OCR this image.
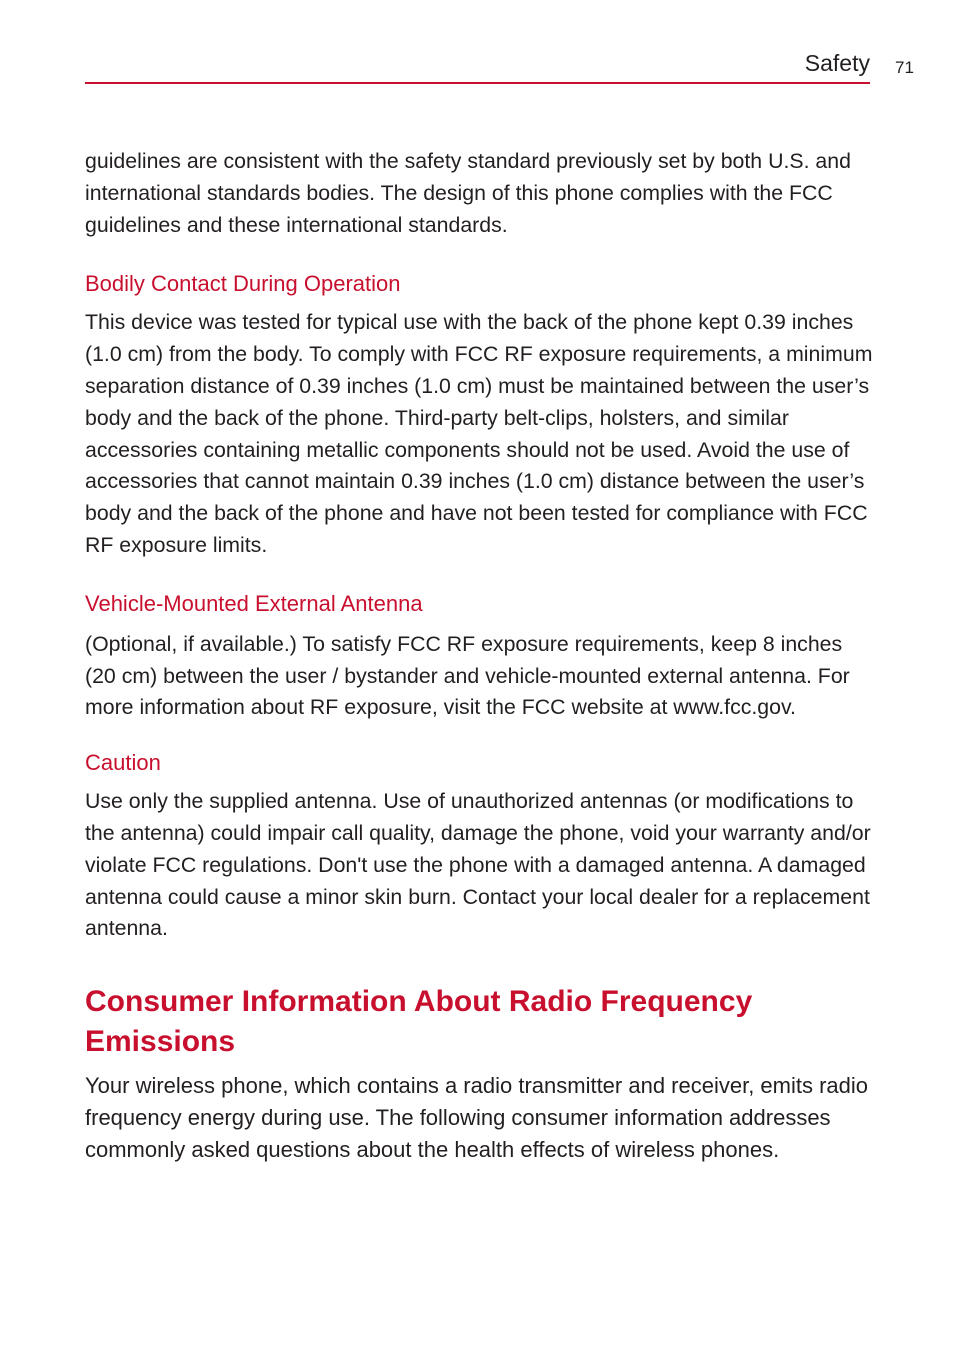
Safety 71

guidelines are consistent with the safety standard previously set by both U.S. and international standards bodies. The design of this phone complies with the FCC guidelines and these international standards.

Bodily Contact During Operation

This device was tested for typical use with the back of the phone kept 0.39 inches (1.0 cm) from the body. To comply with FCC RF exposure requirements, a minimum separation distance of 0.39 inches (1.0 cm) must be maintained between the user’s body and the back of the phone. Third-party belt-clips, holsters, and similar accessories containing metallic components should not be used. Avoid the use of accessories that cannot maintain 0.39 inches (1.0 cm) distance between the user’s body and the back of the phone and have not been tested for compliance with FCC RF exposure limits.

Vehicle-Mounted External Antenna

(Optional, if available.) To satisfy FCC RF exposure requirements, keep 8 inches (20 cm) between the user / bystander and vehicle-mounted external antenna. For more information about RF exposure, visit the FCC website at www.fcc.gov.

Caution

Use only the supplied antenna. Use of unauthorized antennas (or modifications to the antenna) could impair call quality, damage the phone, void your warranty and/or violate FCC regulations. Don't use the phone with a damaged antenna. A damaged antenna could cause a minor skin burn. Contact your local dealer for a replacement antenna.

Consumer Information About Radio Frequency Emissions

Your wireless phone, which contains a radio transmitter and receiver, emits radio frequency energy during use. The following consumer information addresses commonly asked questions about the health effects of wireless phones.
